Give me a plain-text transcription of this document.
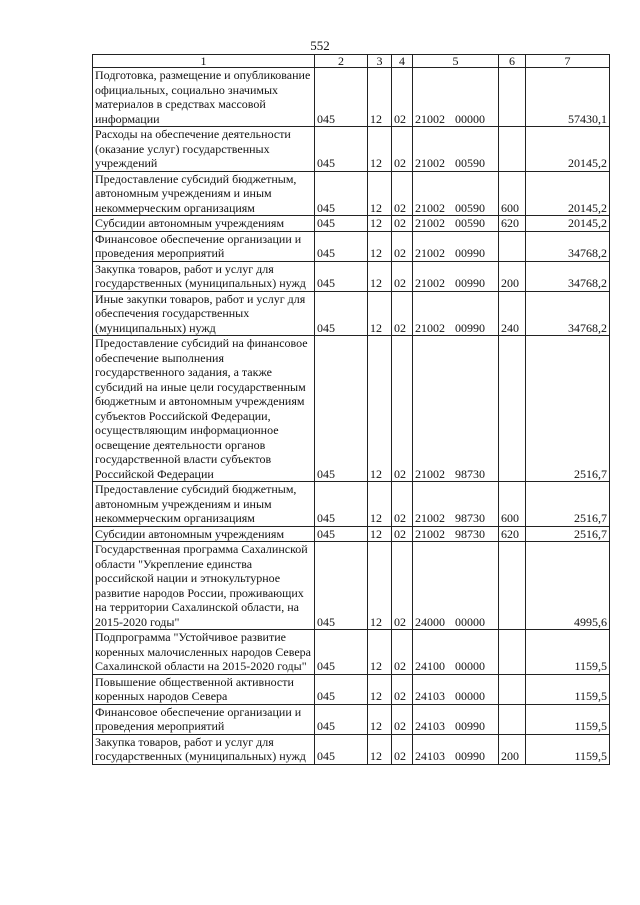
552
1	2	3	4	5	6	7
Подготовка, размещение и опубликование официальных, социально значимых материалов в средствах массовой информации	045	12	02	21002 00000		57430,1
Расходы на обеспечение деятельности (оказание услуг) государственных учреждений	045	12	02	21002 00590		20145,2
Предоставление субсидий бюджетным, автономным учреждениям и иным некоммерческим организациям	045	12	02	21002 00590	600	20145,2
Субсидии автономным учреждениям	045	12	02	21002 00590	620	20145,2
Финансовое обеспечение организации и проведения мероприятий	045	12	02	21002 00990		34768,2
Закупка товаров, работ и услуг для государственных (муниципальных) нужд	045	12	02	21002 00990	200	34768,2
Иные закупки товаров, работ и услуг для обеспечения государственных (муниципальных) нужд	045	12	02	21002 00990	240	34768,2
Предоставление субсидий на финансовое обеспечение выполнения государственного задания, а также субсидий на иные цели государственным бюджетным и автономным учреждениям субъектов Российской Федерации, осуществляющим информационное освещение деятельности органов государственной власти субъектов Российской Федерации	045	12	02	21002 98730		2516,7
Предоставление субсидий бюджетным, автономным учреждениям и иным некоммерческим организациям	045	12	02	21002 98730	600	2516,7
Субсидии автономным учреждениям	045	12	02	21002 98730	620	2516,7
Государственная программа Сахалинской области "Укрепление единства российской нации и этнокультурное развитие народов России, проживающих на территории Сахалинской области, на 2015-2020 годы"	045	12	02	24000 00000		4995,6
Подпрограмма "Устойчивое развитие коренных малочисленных народов Севера Сахалинской области на 2015-2020 годы"	045	12	02	24100 00000		1159,5
Повышение общественной активности коренных народов Севера	045	12	02	24103 00000		1159,5
Финансовое обеспечение организации и проведения мероприятий	045	12	02	24103 00990		1159,5
Закупка товаров, работ и услуг для государственных (муниципальных) нужд	045	12	02	24103 00990	200	1159,5
